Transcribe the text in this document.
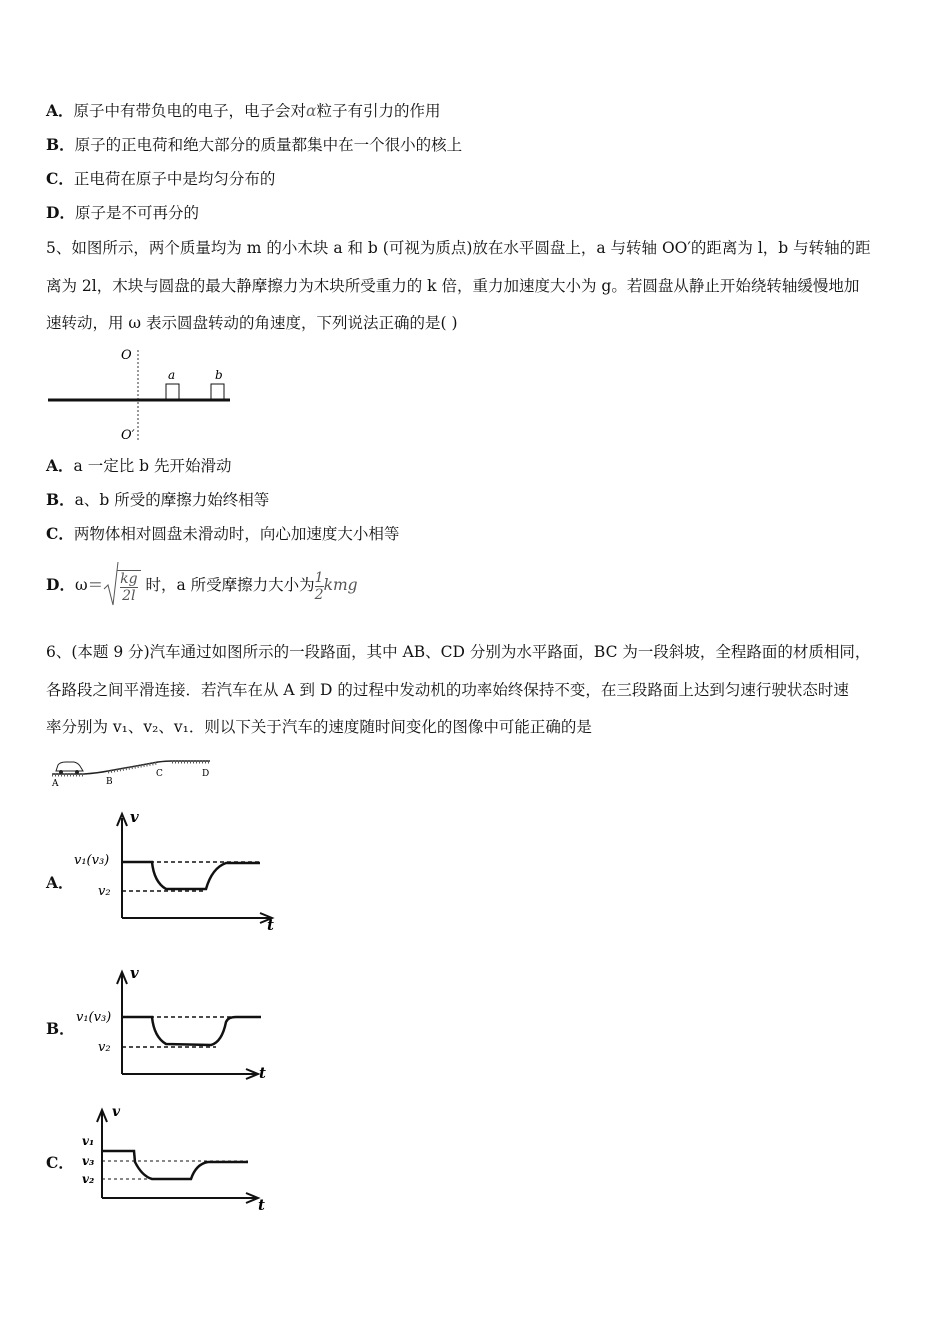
A．原子中有带负电的电子，电子会对α粒子有引力的作用
B．原子的正电荷和绝大部分的质量都集中在一个很小的核上
C．正电荷在原子中是均匀分布的
D．原子是不可再分的
5、如图所示，两个质量均为 m 的小木块 a 和 b (可视为质点)放在水平圆盘上，a 与转轴 OO′的距离为 l，b 与转轴的距
离为 2l，木块与圆盘的最大静摩擦力为木块所受重力的 k 倍，重力加速度大小为 g。若圆盘从静止开始绕转轴缓慢地加
速转动，用 ω 表示圆盘转动的角速度，下列说法正确的是( )
O
O′
a	b
A．a 一定比 b 先开始滑动
B．a、b 所受的摩擦力始终相等
C．两物体相对圆盘未滑动时，向心加速度大小相等
D．$\omega= \frac{kg}{2l}$ 时，a 所受摩擦力大小为 $\frac{1}{2}$ kmg
6、(本题 9 分)汽车通过如图所示的一段路面，其中 AB、CD 分别为水平路面，BC 为一段斜坡，全程路面的材质相同，
各路段之间平滑连接．若汽车在从 A 到 D 的过程中发动机的功率始终保持不变，在三段路面上达到匀速行驶状态时速
率分别为 v₁、v₂、v₁．则以下关于汽车的速度随时间变化的图像中可能正确的是
A	B
C	D
A．
v
t
v₁(v₃)
v₂
B．
v
t
v₁(v₃)
v₂
C．
v
t
v₁
v₃
v₂
